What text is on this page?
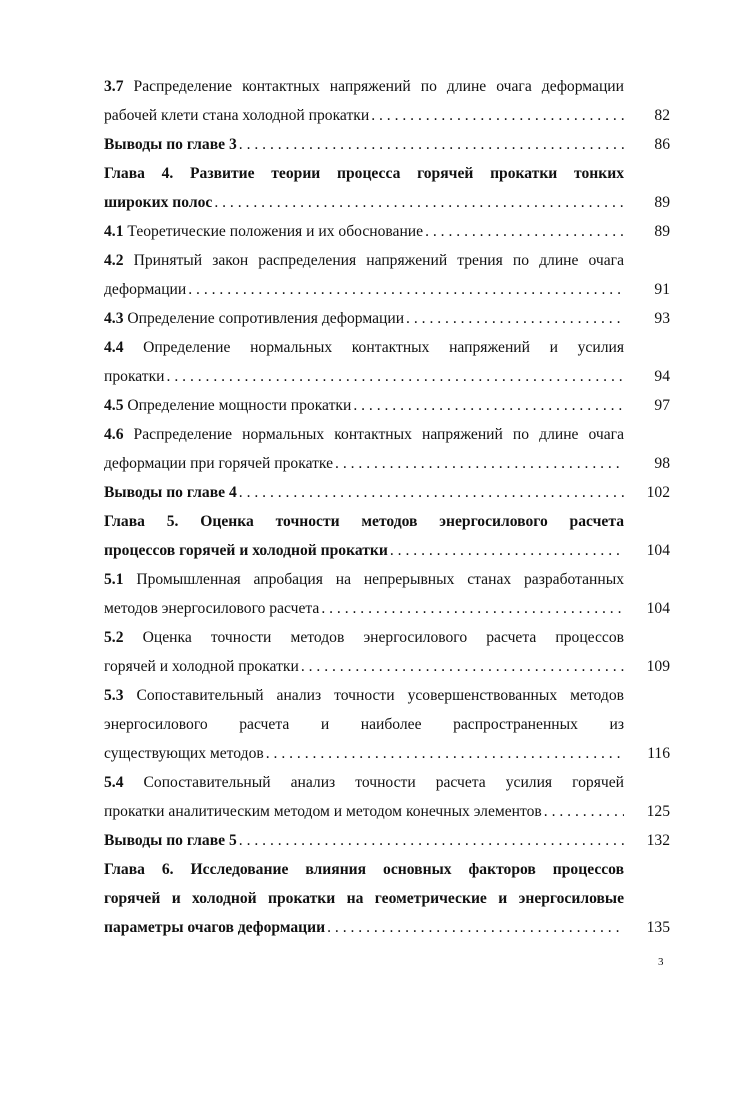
3.7 Распределение контактных напряжений по длине очага деформации
рабочей клети стана холодной прокатки . . .	82
Выводы по главе 3 . . .	86
Глава 4. Развитие теории процесса горячей прокатки тонких
широких полос . . .	89
4.1 Теоретические положения и их обоснование . . .	89
4.2 Принятый закон распределения напряжений трения по длине очага
деформации . . .	91
4.3 Определение сопротивления деформации . . .	93
4.4 Определение нормальных контактных напряжений и усилия
прокатки . . .	94
4.5 Определение мощности прокатки . . .	97
4.6 Распределение нормальных контактных напряжений по длине очага
деформации при горячей прокатке . . .	98
Выводы по главе 4 . . .	102
Глава 5. Оценка точности методов энергосилового расчета
процессов горячей и холодной прокатки . . .	104
5.1 Промышленная апробация на непрерывных станах разработанных
методов энергосилового расчета . . .	104
5.2 Оценка точности методов энергосилового расчета процессов
горячей и холодной прокатки . . .	109
5.3 Сопоставительный анализ точности усовершенствованных методов
энергосилового расчета и наиболее распространенных из
существующих методов . . .	116
5.4 Сопоставительный анализ точности расчета усилия горячей
прокатки аналитическим методом и методом конечных элементов . . .	125
Выводы по главе 5 . . .	132
Глава 6. Исследование влияния основных факторов процессов
горячей и холодной прокатки на геометрические и энергосиловые
параметры очагов деформации . . .	135
3
